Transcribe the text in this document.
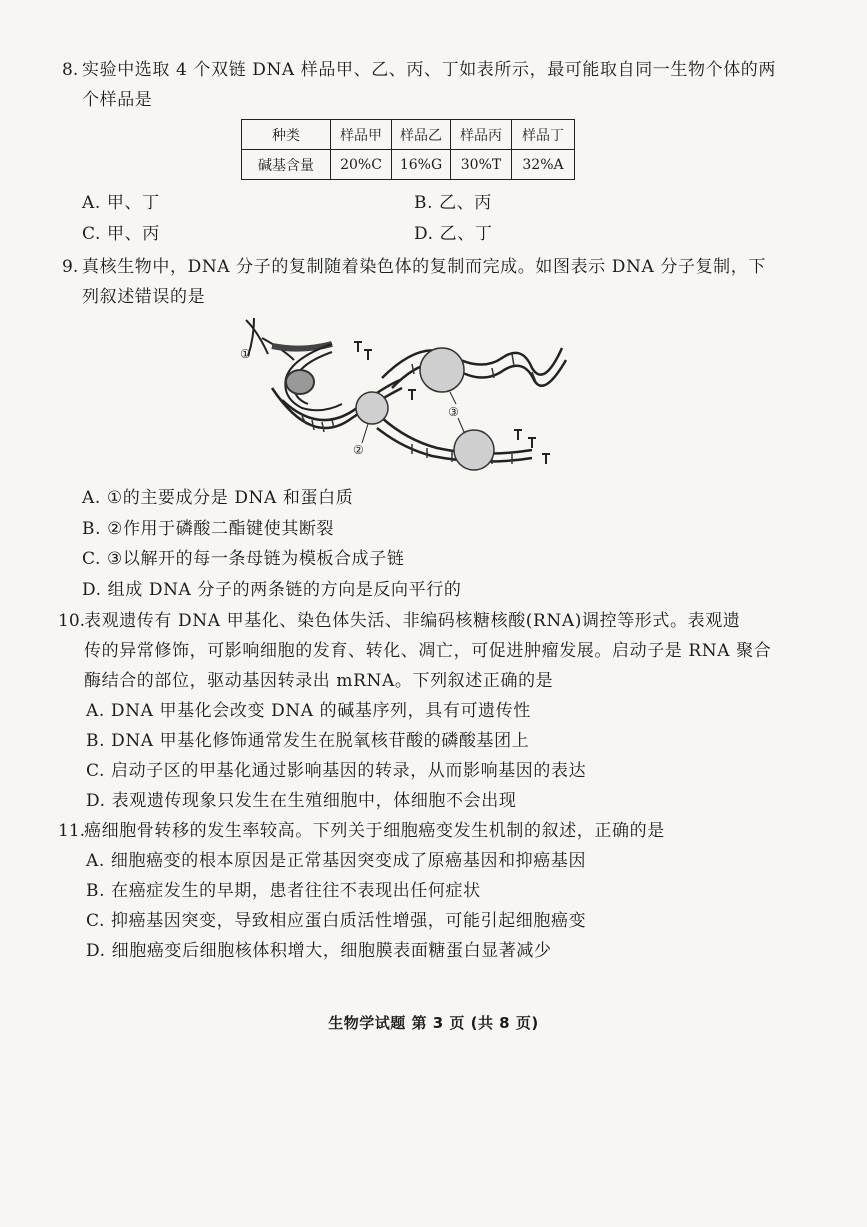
8. 实验中选取 4 个双链 DNA 样品甲、乙、丙、丁如表所示，最可能取自同一生物个体的两
个样品是
种类	样品甲	样品乙	样品丙	样品丁
碱基含量	20%C	16%G	30%T	32%A
A. 甲、丁	B. 乙、丙
C. 甲、丙	D. 乙、丁
9. 真核生物中，DNA 分子的复制随着染色体的复制而完成。如图表示 DNA 分子复制，下
列叙述错误的是
①
②
③
A. ①的主要成分是 DNA 和蛋白质
B. ②作用于磷酸二酯键使其断裂
C. ③以解开的每一条母链为模板合成子链
D. 组成 DNA 分子的两条链的方向是反向平行的
10.
表观遗传有 DNA 甲基化、染色体失活、非编码核糖核酸(RNA)调控等形式。表观遗
传的异常修饰，可影响细胞的发育、转化、凋亡，可促进肿瘤发展。启动子是 RNA 聚合
酶结合的部位，驱动基因转录出 mRNA。下列叙述正确的是
A. DNA 甲基化会改变 DNA 的碱基序列，具有可遗传性
B. DNA 甲基化修饰通常发生在脱氧核苷酸的磷酸基团上
C. 启动子区的甲基化通过影响基因的转录，从而影响基因的表达
D. 表观遗传现象只发生在生殖细胞中，体细胞不会出现
11.
癌细胞骨转移的发生率较高。下列关于细胞癌变发生机制的叙述，正确的是
A. 细胞癌变的根本原因是正常基因突变成了原癌基因和抑癌基因
B. 在癌症发生的早期，患者往往不表现出任何症状
C. 抑癌基因突变，导致相应蛋白质活性增强，可能引起细胞癌变
D. 细胞癌变后细胞核体积增大，细胞膜表面糖蛋白显著减少
生物学试题 第 3 页 (共 8 页)
